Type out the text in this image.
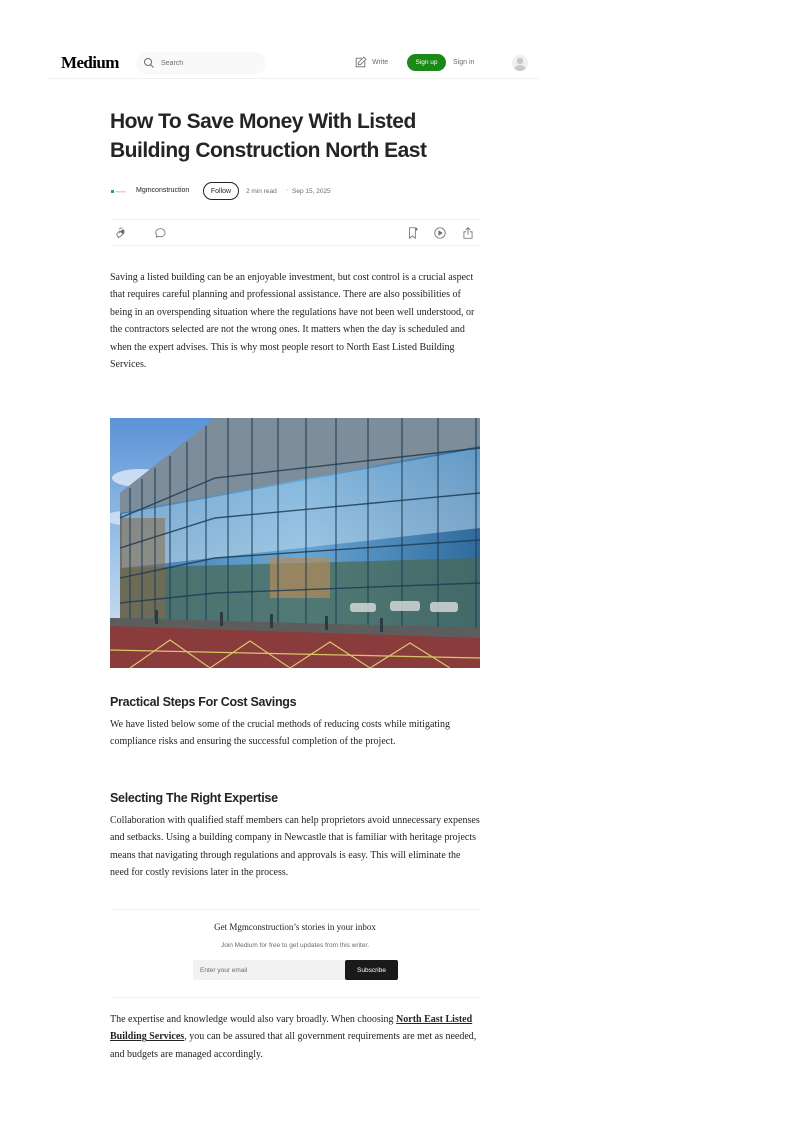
Medium
Search	Write	Sign up	Sign in
How To Save Money With Listed Building Construction North East
Mgmconstruction	Follow	2 min read · Sep 15, 2025

Saving a listed building can be an enjoyable investment, but cost control is a crucial aspect that requires careful planning and professional assistance. There are also possibilities of being in an overspending situation where the regulations have not been well understood, or the contractors selected are not the wrong ones. It matters when the day is scheduled and when the expert advises. This is why most people resort to North East Listed Building Services.

Practical Steps For Cost Savings

We have listed below some of the crucial methods of reducing costs while mitigating compliance risks and ensuring the successful completion of the project.

Selecting The Right Expertise

Collaboration with qualified staff members can help proprietors avoid unnecessary expenses and setbacks. Using a building company in Newcastle that is familiar with heritage projects means that navigating through regulations and approvals is easy. This will eliminate the need for costly revisions later in the process.

Get Mgmconstruction’s stories in your inbox
Join Medium for free to get updates from this writer.
Enter your email
Subscribe

The expertise and knowledge would also vary broadly. When choosing North East Listed Building Services, you can be assured that all government requirements are met as needed, and budgets are managed accordingly.
